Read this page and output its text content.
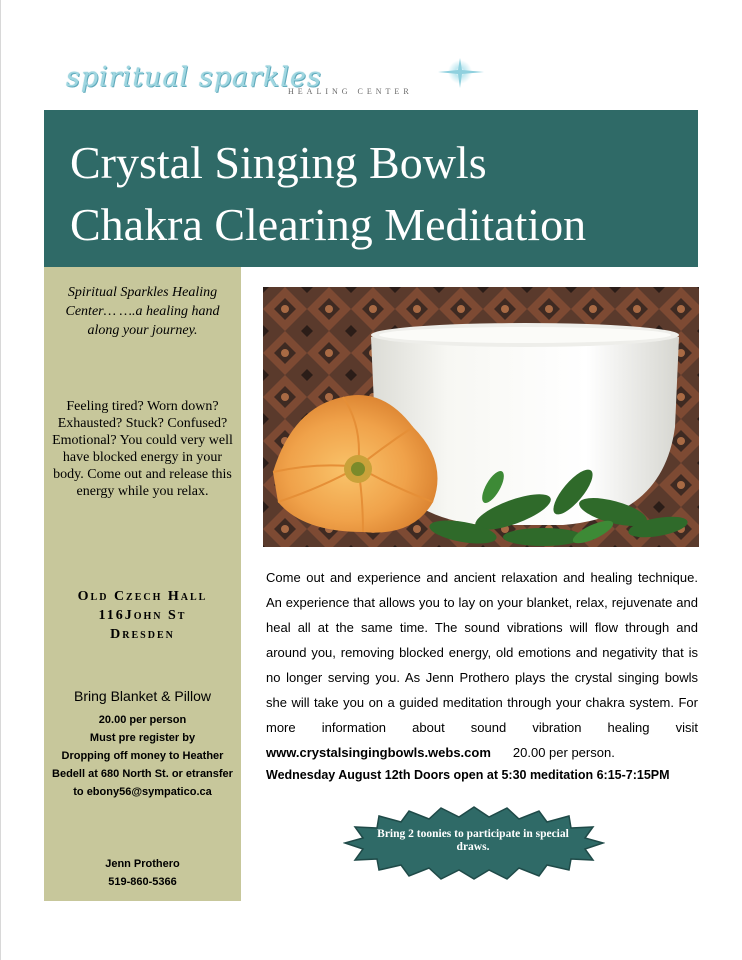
spiritual sparkles
HEALING CENTER
Crystal Singing Bowls
Chakra Clearing Meditation
Spiritual Sparkles Healing Center… ….a healing hand along your journey.
Feeling tired? Worn down? Exhausted? Stuck? Confused? Emotional? You could very well have blocked energy in your body. Come out and release this energy while you relax.
Old Czech Hall
116John St
Dresden
Bring Blanket & Pillow
20.00 per person
Must pre register by
Dropping off money to Heather
Bedell at 680 North St. or etransfer
to ebony56@sympatico.ca
Jenn Prothero
519-860-5366
Come out and experience and ancient relaxation and healing technique. An experience that allows you to lay on your blanket, relax, rejuvenate and heal all at the same time. The sound vibrations will flow through and around you, removing blocked energy, old emotions and negativity that is no longer serving you. As Jenn Prothero plays the crystal singing bowls she will take you on a guided meditation through your chakra system. For more information about sound vibration healing visit www.crystalsingingbowls.webs.com 20.00 per person.
Wednesday August 12th Doors open at 5:30 meditation 6:15-7:15PM
Bring 2 toonies to participate in special draws.
